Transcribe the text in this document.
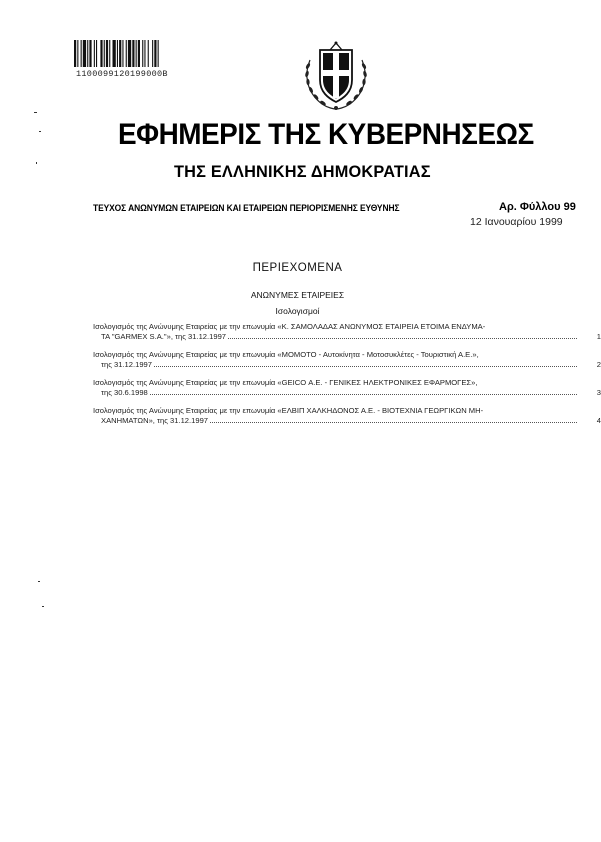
1100099120199000B
ΕΦΗΜΕΡΙΣ ΤΗΣ ΚΥΒΕΡΝΗΣΕΩΣ
ΤΗΣ ΕΛΛΗΝΙΚΗΣ ΔΗΜΟΚΡΑΤΙΑΣ
ΤΕΥΧΟΣ ΑΝΩΝΥΜΩΝ ΕΤΑΙΡΕΙΩΝ ΚΑΙ ΕΤΑΙΡΕΙΩΝ ΠΕΡΙΟΡΙΣΜΕΝΗΣ ΕΥΘΥΝΗΣ	Αρ. Φύλλου 99
12 Ιανουαρίου 1999
ΠΕΡΙΕΧΟΜΕΝΑ
ΑΝΩΝΥΜΕΣ ΕΤΑΙΡΕΙΕΣ
Ισολογισμοί
Ισολογισμός της Ανώνυμης Εταιρείας με την επωνυμία «Κ. ΣΑΜΟΛΑΔΑΣ ΑΝΩΝΥΜΟΣ ΕΤΑΙΡΕΙΑ ΕΤΟΙΜΑ ΕΝΔΥΜΑ-
ΤΑ "GARMEX S.A."», της 31.12.1997	1
Ισολογισμός της Ανώνυμης Εταιρείας με την επωνυμία «ΜΟΜΟΤΟ - Αυτοκίνητα - Μοτοσυκλέτες - Τουριστική Α.Ε.»,
της 31.12.1997	2
Ισολογισμός της Ανώνυμης Εταιρείας με την επωνυμία «GEICO Α.Ε. - ΓΕΝΙΚΕΣ ΗΛΕΚΤΡΟΝΙΚΕΣ ΕΦΑΡΜΟΓΕΣ»,
της 30.6.1998	3
Ισολογισμός της Ανώνυμης Εταιρείας με την επωνυμία «ΕΛΒΙΠ ΧΑΛΚΗΔΟΝΟΣ Α.Ε. - ΒΙΟΤΕΧΝΙΑ ΓΕΩΡΓΙΚΩΝ ΜΗ-
ΧΑΝΗΜΑΤΩΝ», της 31.12.1997	4
